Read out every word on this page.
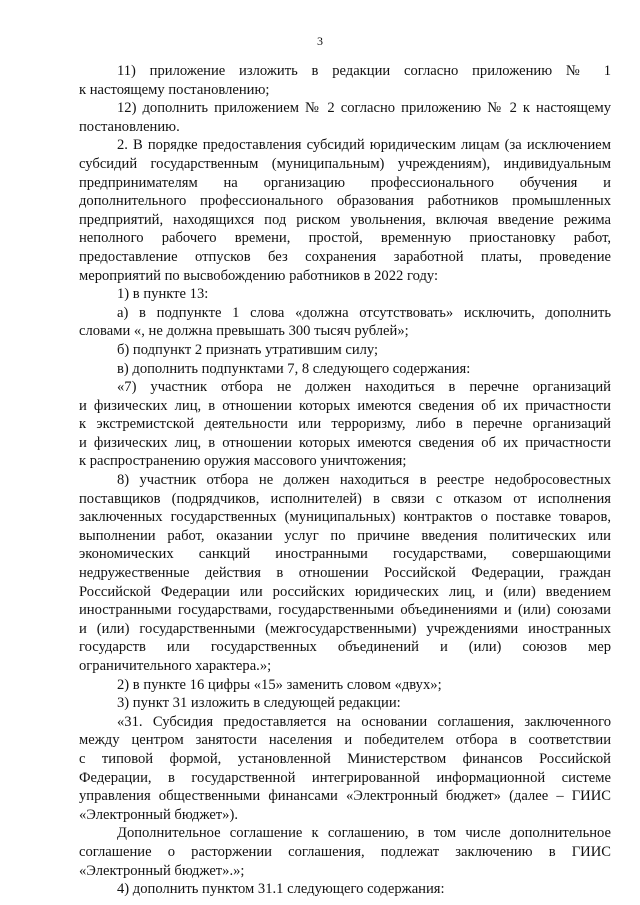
3
11) приложение изложить в редакции согласно приложению № 1
к настоящему постановлению;
12) дополнить приложением № 2 согласно приложению № 2 к настоящему
постановлению.
2. В порядке предоставления субсидий юридическим лицам (за исключением
субсидий государственным (муниципальным) учреждениям), индивидуальным
предпринимателям на организацию профессионального обучения и
дополнительного профессионального образования работников промышленных
предприятий, находящихся под риском увольнения, включая введение режима
неполного рабочего времени, простой, временную приостановку работ,
предоставление отпусков без сохранения заработной платы, проведение
мероприятий по высвобождению работников в 2022 году:
1) в пункте 13:
а) в подпункте 1 слова «должна отсутствовать» исключить, дополнить
словами «, не должна превышать 300 тысяч рублей»;
б) подпункт 2 признать утратившим силу;
в) дополнить подпунктами 7, 8 следующего содержания:
«7) участник отбора не должен находиться в перечне организаций
и физических лиц, в отношении которых имеются сведения об их причастности
к экстремистской деятельности или терроризму, либо в перечне организаций
и физических лиц, в отношении которых имеются сведения об их причастности
к распространению оружия массового уничтожения;
8) участник отбора не должен находиться в реестре недобросовестных
поставщиков (подрядчиков, исполнителей) в связи с отказом от исполнения
заключенных государственных (муниципальных) контрактов о поставке товаров,
выполнении работ, оказании услуг по причине введения политических или
экономических санкций иностранными государствами, совершающими
недружественные действия в отношении Российской Федерации, граждан
Российской Федерации или российских юридических лиц, и (или) введением
иностранными государствами, государственными объединениями и (или) союзами
и (или) государственными (межгосударственными) учреждениями иностранных
государств или государственных объединений и (или) союзов мер
ограничительного характера.»;
2) в пункте 16 цифры «15» заменить словом «двух»;
3) пункт 31 изложить в следующей редакции:
«31. Субсидия предоставляется на основании соглашения, заключенного
между центром занятости населения и победителем отбора в соответствии
с типовой формой, установленной Министерством финансов Российской
Федерации, в государственной интегрированной информационной системе
управления общественными финансами «Электронный бюджет» (далее – ГИИС
«Электронный бюджет»).
Дополнительное соглашение к соглашению, в том числе дополнительное
соглашение о расторжении соглашения, подлежат заключению в ГИИС
«Электронный бюджет».»;
4) дополнить пунктом 31.1 следующего содержания:
